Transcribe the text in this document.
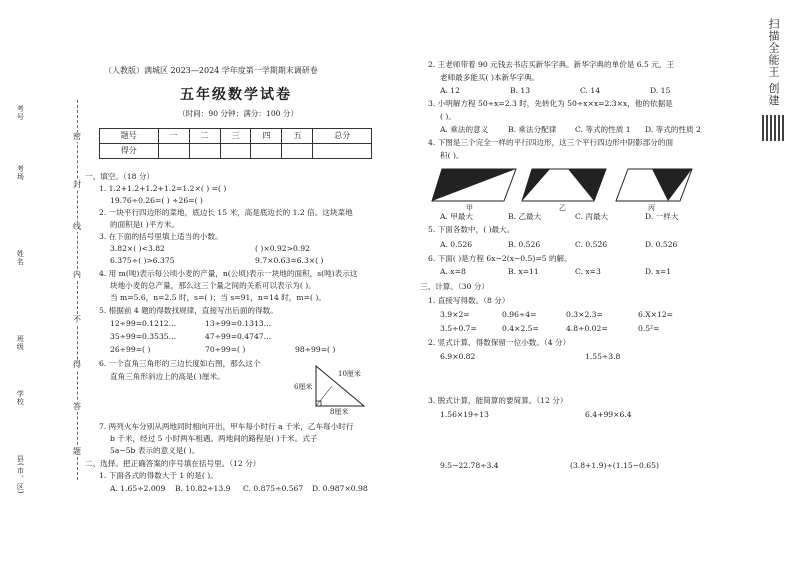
考号
考场
姓名
班级
学校
县(市、区)
密
封
线
内
不
得
答
题
（人教版）满城区 2023—2024 学年度第一学期期末调研卷
五年级数学试卷
（时间：90 分钟；满分：100 分）
题号	一	二	三	四	五	总分
得分						
一、填空。（18 分）
1. 1.2+1.2+1.2+1.2=1.2×( ) =( )
19.76÷0.26=( ) ÷26=( )
2. 一块平行四边形的菜地，底边长 15 米，高是底边长的 1.2 倍。这块菜地
的面积是( )平方米。
3. 在下面的括号里填上适当的小数。
3.82×( )<3.82	( )×0.92>0.92
6.375÷( )>6.375	9.7×0.63=6.3×( )
4. 用 m(吨)表示每公顷小麦的产量，n(公顷)表示一块地的面积，s(吨)表示这
块地小麦的总产量，那么这三个量之间的关系可以表示为( )。
当 m=5.6，n=2.5 时，s=( )；当 s=91，n=14 时，m=( )。
5. 根据前 4 题的得数找规律，直接写出后面的得数。
12÷99=0.1212…	13÷99=0.1313…
35÷99=0.3535…	47÷99=0.4747…
26÷99=( )	70÷99=( )	98÷99=( )
6. 一个直角三角形的三边长度如右图，那么这个
直角三角形斜边上的高是( )厘米。	10厘米
6厘米
8厘米
7. 两列火车分别从两地同时相向开出，甲车每小时行 a 千米，乙车每小时行
b 千米，经过 5 小时两车相遇。两地间的路程是( )千米。式子
5a−5b 表示的意义是( )。
二、选择。把正确答案的序号填在括号里。（12 分）
1. 下面各式的得数大于 1 的是( )。
A. 1.65÷2.009 B. 10.82÷13.9 C. 0.875÷0.567 D. 0.987×0.98
2. 王老师带着 90 元钱去书店买新华字典。新华字典的单价是 6.5 元，王
老师最多能买( )本新华字典。
A. 12	B. 13	C. 14	D. 15
3. 小明解方程 50÷x=2.3 时，先转化为 50÷x×x=2.3×x，他的依据是
( )。
A. 乘法的意义	B. 乘法分配律 C. 等式的性质 1 D. 等式的性质 2
4. 下图是三个完全一样的平行四边形，这三个平行四边形中阴影部分的面
积( )。
甲	乙	丙
A. 甲最大	B. 乙最大	C. 丙最大	D. 一样大
5. 下面各数中，( )最大。
A. 0.526	B. 0.526̇	C. 0.52̇6̇	D. 0.526
6. 下面( )是方程 6x−2(x−0.5)=5 的解。
A. x=8	B. x=11	C. x=3	D. x=1
三、计算。（30 分）
1. 直接写得数。（8 分）
3.9×2=	0.96÷4=	0.3×2.3=	6.X×12=
3.5÷0.7=	0.4×2.5=	4.8÷0.02=	0.5²=
2. 竖式计算，得数保留一位小数。（4 分）
6.9×0.82	1.55÷3.8
3. 脱式计算，能简算的要简算。（12 分）
1.56×19÷13	6.4+99×6.4
9.5−22.78÷3.4	(3.8+1.9)÷(1.15−0.65)
扫描全能王 创建
